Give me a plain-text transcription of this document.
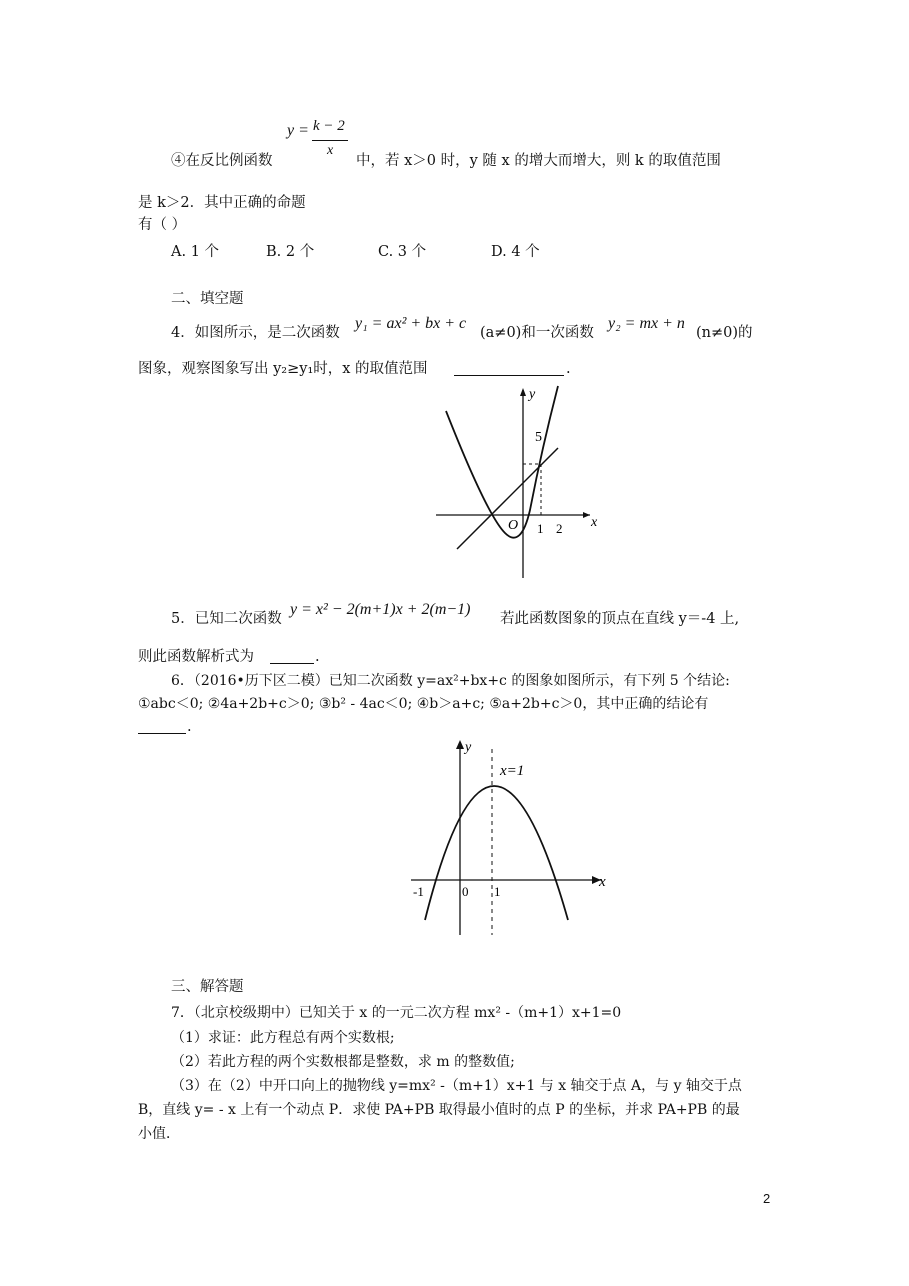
y = k − 2
x
④在反比例函数	中，若 x＞0 时，y 随 x 的增大而增大，则 k 的取值范围
是 k＞2．其中正确的命题
有（ ）
A. 1 个	B. 2 个	C. 3 个	D. 4 个
二、填空题
4．如图所示，是二次函数
y₁ = ax² + bx + c
(a≠0)和一次函数
y₂ = mx + n
(n≠0)的
图象，观察图象写出 y₂≥y₁时，x 的取值范围	.
y
x
O
5
1 2
5．已知二次函数
y = x² − 2(m+1)x + 2(m−1)
若此函数图象的顶点在直线 y＝-4 上,
则此函数解析式为	.
6．（2016•历下区二模）已知二次函数 y=ax²+bx+c 的图象如图所示，有下列 5 个结论:
①abc＜0; ②4a+2b+c＞0; ③b² - 4ac＜0; ④b＞a+c; ⑤a+2b+c＞0，其中正确的结论有
.
y
x
x=1
-1	0 1
三、解答题
7．（北京校级期中）已知关于 x 的一元二次方程 mx² -（m+1）x+1=0
（1）求证：此方程总有两个实数根;
（2）若此方程的两个实数根都是整数，求 m 的整数值;
（3）在（2）中开口向上的抛物线 y=mx² -（m+1）x+1 与 x 轴交于点 A，与 y 轴交于点
B，直线 y= - x 上有一个动点 P．求使 PA+PB 取得最小值时的点 P 的坐标，并求 PA+PB 的最
小值．
2
